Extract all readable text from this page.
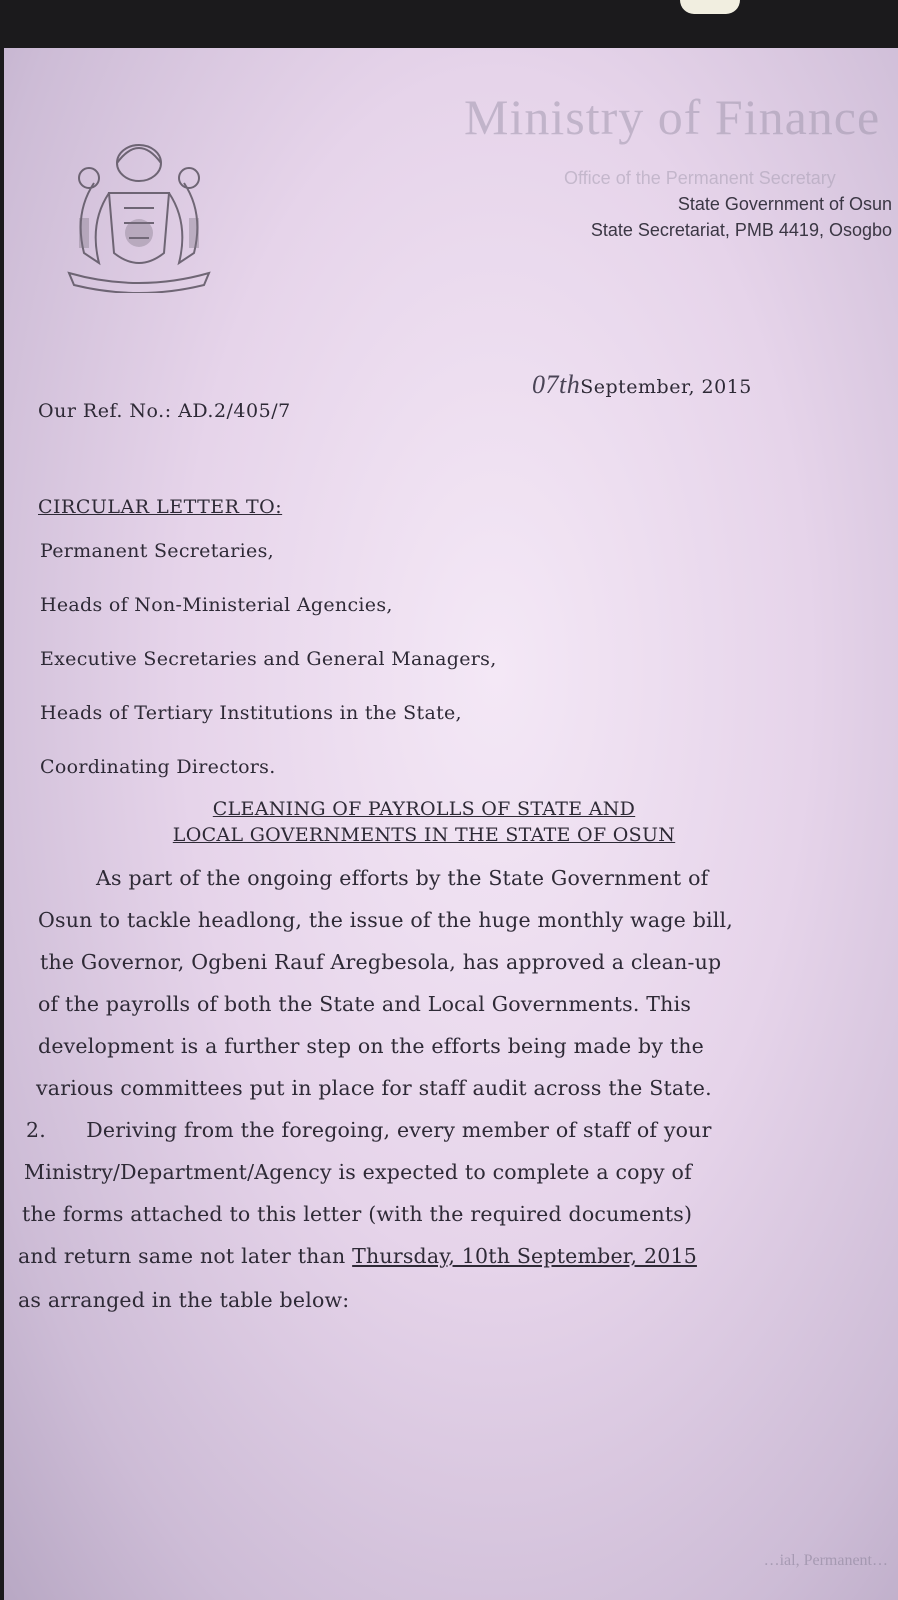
Ministry of Finance
Office of the Permanent Secretary
State Government of Osun
State Secretariat, PMB 4419, Osogbo
Our Ref. No.: AD.2/405/7
07thSeptember, 2015
CIRCULAR LETTER TO:
Permanent Secretaries,
Heads of Non-Ministerial Agencies,
Executive Secretaries and General Managers,
Heads of Tertiary Institutions in the State,
Coordinating Directors.
CLEANING OF PAYROLLS OF STATE AND
LOCAL GOVERNMENTS IN THE STATE OF OSUN
As part of the ongoing efforts by the State Government of
Osun to tackle headlong, the issue of the huge monthly wage bill,
the Governor, Ogbeni Rauf Aregbesola, has approved a clean-up
of the payrolls of both the State and Local Governments. This
development is a further step on the efforts being made by the
various committees put in place for staff audit across the State.
2.      Deriving from the foregoing, every member of staff of your
Ministry/Department/Agency is expected to complete a copy of
the forms attached to this letter (with the required documents)
and return same not later than Thursday, 10th September, 2015
as arranged in the table below:
…ial, Permanent…
